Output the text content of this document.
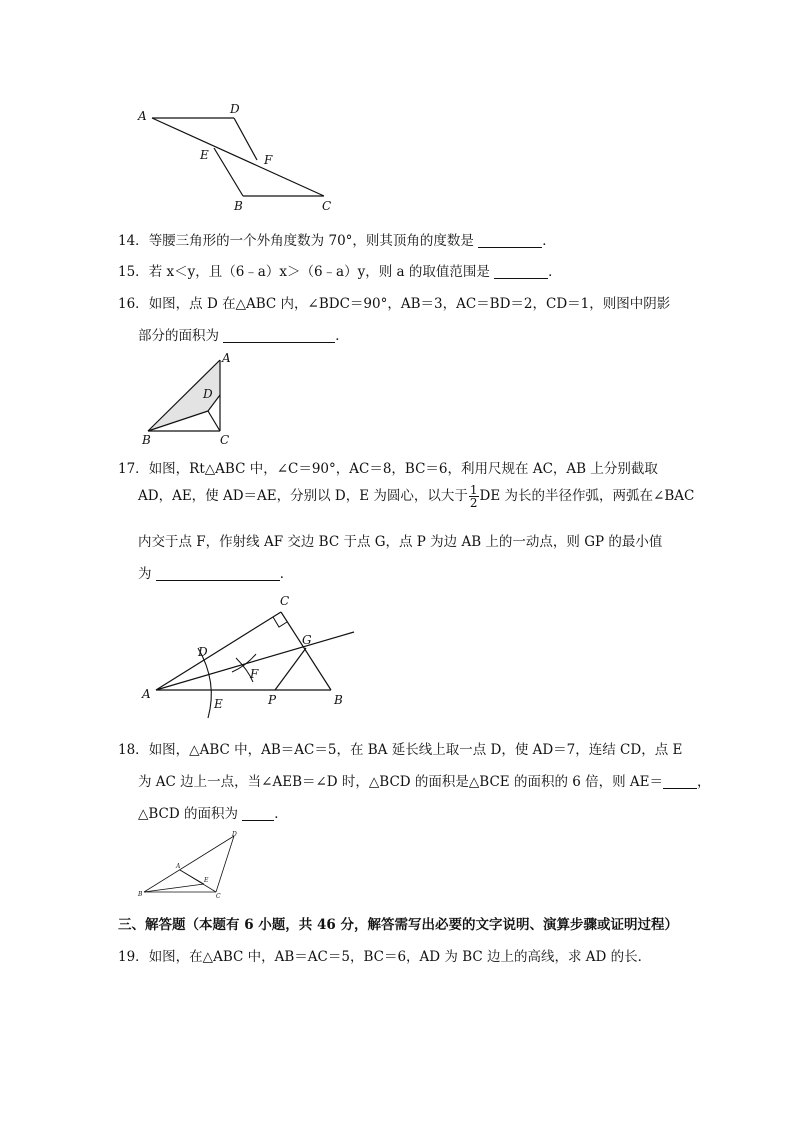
A	D
E	F
B	C
14．等腰三角形的一个外角度数为 70°，则其顶角的度数是	．
15．若 x＜y，且（6﹣a）x＞（6﹣a）y，则 a 的取值范围是	．
16．如图，点 D 在△ABC 内，∠BDC＝90°，AB＝3，AC＝BD＝2，CD＝1，则图中阴影
部分的面积为	．
A
D
B	C
17．如图，Rt△ABC 中，∠C＝90°，AC＝8，BC＝6，利用尺规在 AC，AB 上分别截取
AD，AE，使 AD＝AE，分别以 D，E 为圆心，以大于 $\frac{1}{2}$ DE 为长的半径作弧，两弧在∠BAC
内交于点 F，作射线 AF 交边 BC 于点 G，点 P 为边 AB 上的一动点，则 GP 的最小值
为	．
C
G
D
F
A
E	P	B
18．如图，△ABC 中，AB＝AC＝5，在 BA 延长线上取一点 D，使 AD＝7，连结 CD，点 E
为 AC 边上一点，当∠AEB＝∠D 时，△BCD 的面积是△BCE 的面积的 6 倍，则 AE＝	，
△BCD 的面积为	．
D
A
E
B	C
三、解答题（本题有 6 小题，共 46 分，解答需写出必要的文字说明、演算步骤或证明过程）
19．如图，在△ABC 中，AB＝AC＝5，BC＝6，AD 为 BC 边上的高线，求 AD 的长．
